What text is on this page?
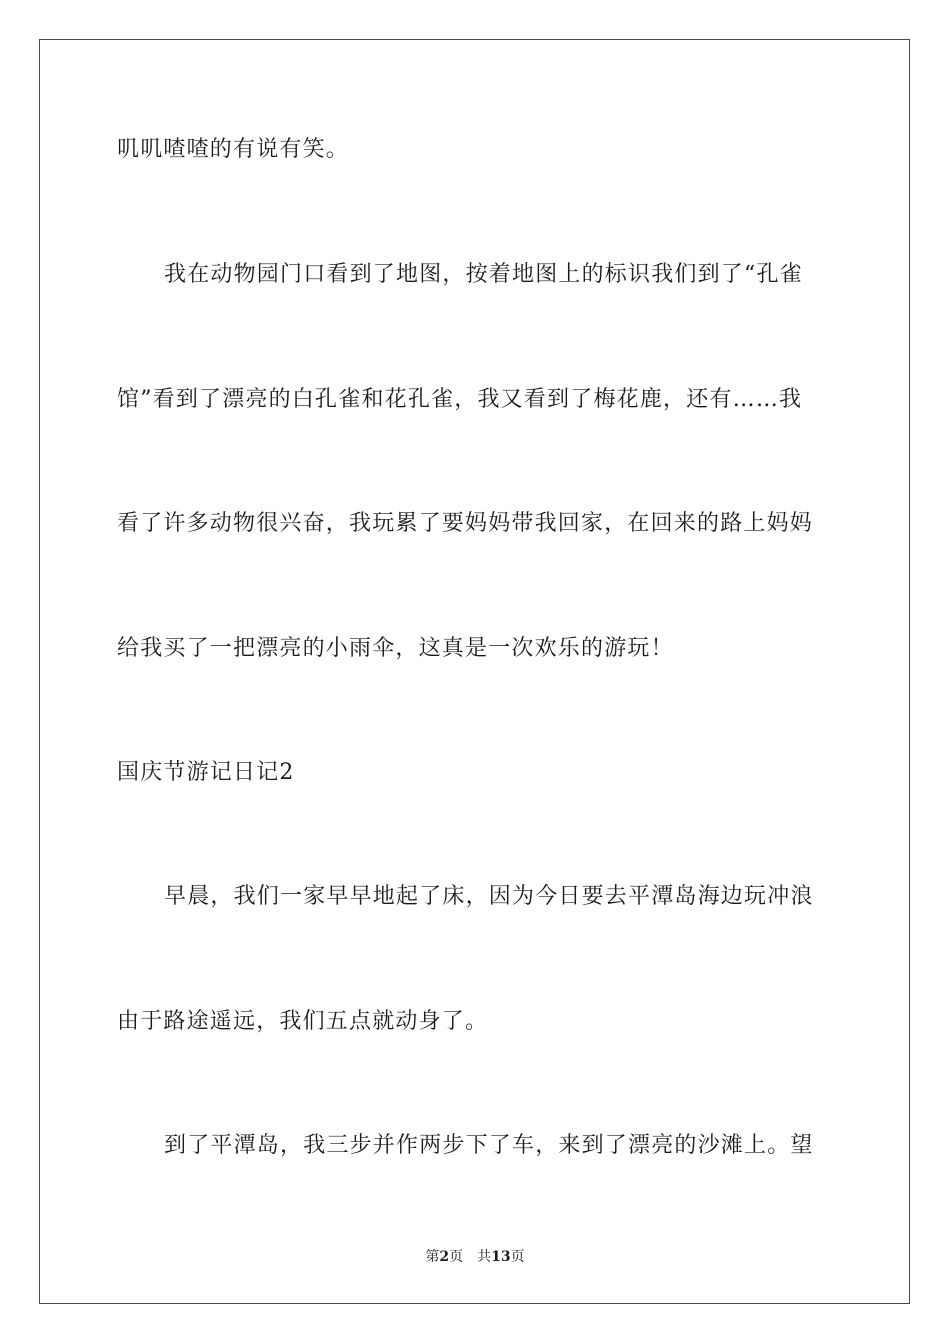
叽叽喳喳的有说有笑。
我在动物园门口看到了地图，按着地图上的标识我们到了“孔雀
馆”看到了漂亮的白孔雀和花孔雀，我又看到了梅花鹿，还有……我
看了许多动物很兴奋，我玩累了要妈妈带我回家，在回来的路上妈妈
给我买了一把漂亮的小雨伞，这真是一次欢乐的游玩！
国庆节游记日记2
早晨，我们一家早早地起了床，因为今日要去平潭岛海边玩冲浪
由于路途遥远，我们五点就动身了。
到了平潭岛，我三步并作两步下了车，来到了漂亮的沙滩上。望
第2页 共13页
